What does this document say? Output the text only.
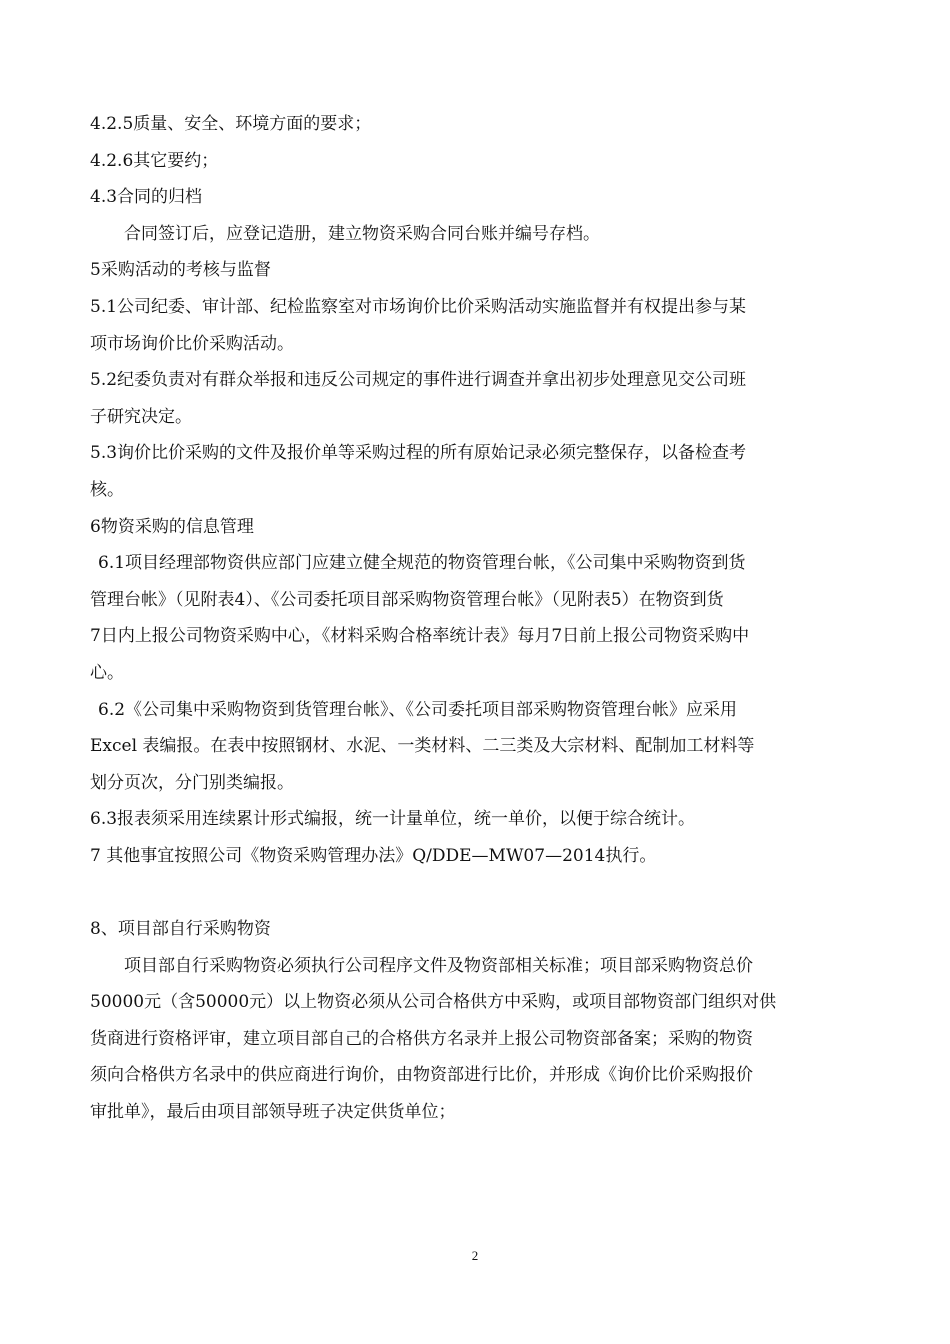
4.2.5质量、安全、环境方面的要求；

4.2.6其它要约；

4.3合同的归档

合同签订后，应登记造册，建立物资采购合同台账并编号存档。

5采购活动的考核与监督

5.1公司纪委、审计部、纪检监察室对市场询价比价采购活动实施监督并有权提出参与某

项市场询价比价采购活动。

5.2纪委负责对有群众举报和违反公司规定的事件进行调查并拿出初步处理意见交公司班

子研究决定。

5.3询价比价采购的文件及报价单等采购过程的所有原始记录必须完整保存，以备检查考

核。

6物资采购的信息管理

6.1项目经理部物资供应部门应建立健全规范的物资管理台帐，《公司集中采购物资到货

管理台帐》（见附表4）、《公司委托项目部采购物资管理台帐》（见附表5）在物资到货

7日内上报公司物资采购中心，《材料采购合格率统计表》每月7日前上报公司物资采购中

心。

6.2《公司集中采购物资到货管理台帐》、《公司委托项目部采购物资管理台帐》应采用

Excel 表编报。在表中按照钢材、水泥、一类材料、二三类及大宗材料、配制加工材料等

划分页次，分门别类编报。

6.3报表须采用连续累计形式编报，统一计量单位，统一单价，以便于综合统计。

7 其他事宜按照公司《物资采购管理办法》Q/DDE—MW07—2014执行。

8、项目部自行采购物资

项目部自行采购物资必须执行公司程序文件及物资部相关标准；项目部采购物资总价

50000元（含50000元）以上物资必须从公司合格供方中采购，或项目部物资部门组织对供

货商进行资格评审，建立项目部自己的合格供方名录并上报公司物资部备案；采购的物资

须向合格供方名录中的供应商进行询价，由物资部进行比价，并形成《询价比价采购报价

审批单》，最后由项目部领导班子决定供货单位；

2
